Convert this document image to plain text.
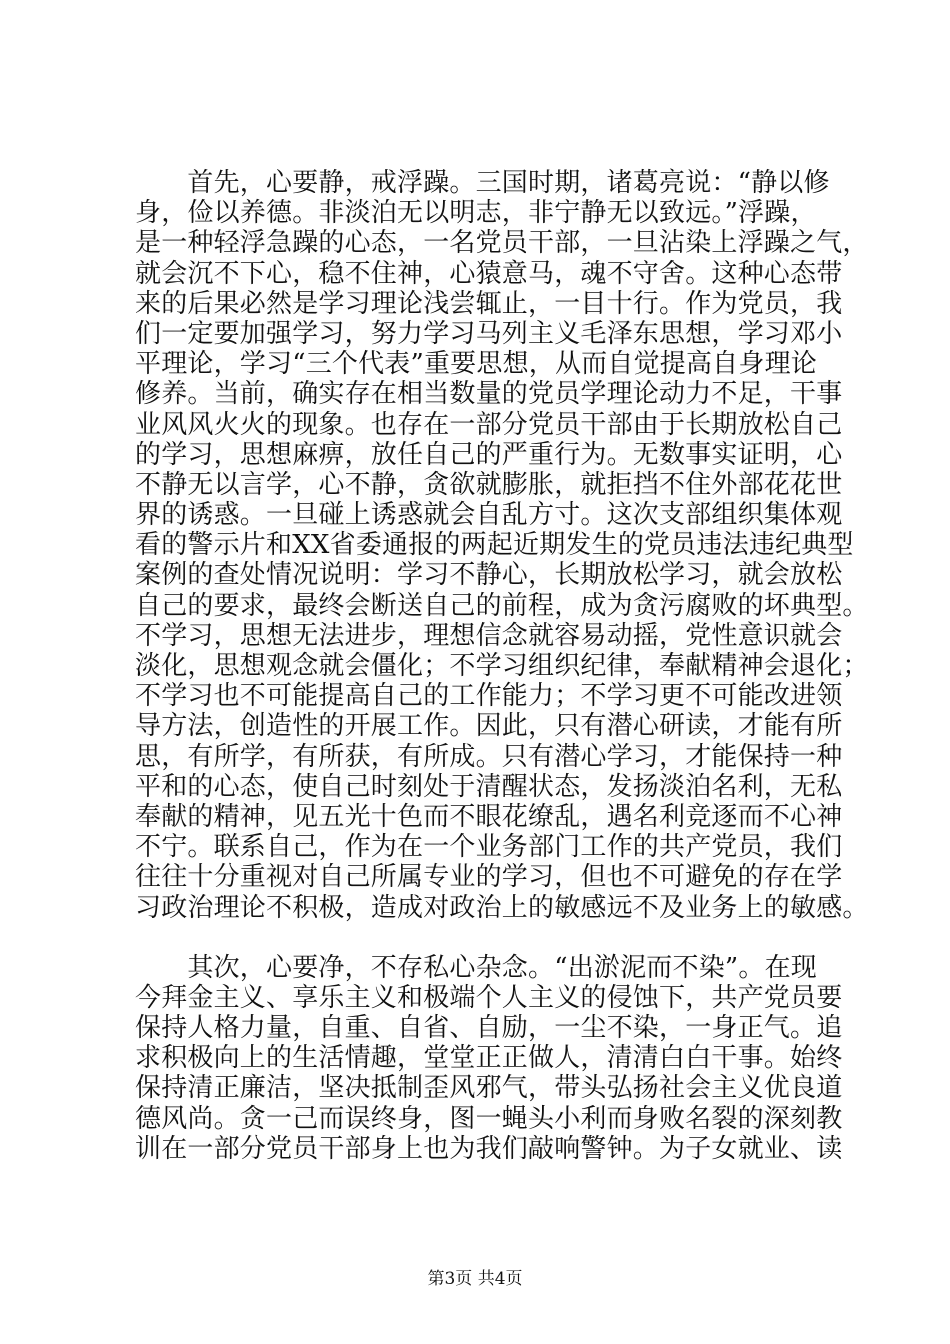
　　首先，心要静，戒浮躁。三国时期，诸葛亮说：“静以修
身，俭以养德。非淡泊无以明志，非宁静无以致远。”浮躁，
是一种轻浮急躁的心态，一名党员干部，一旦沾染上浮躁之气，
就会沉不下心，稳不住神，心猿意马，魂不守舍。这种心态带
来的后果必然是学习理论浅尝辄止，一目十行。作为党员，我
们一定要加强学习，努力学习马列主义毛泽东思想，学习邓小
平理论，学习“三个代表”重要思想，从而自觉提高自身理论
修养。当前，确实存在相当数量的党员学理论动力不足，干事
业风风火火的现象。也存在一部分党员干部由于长期放松自己
的学习，思想麻痹，放任自己的严重行为。无数事实证明，心
不静无以言学，心不静，贪欲就膨胀，就拒挡不住外部花花世
界的诱惑。一旦碰上诱惑就会自乱方寸。这次支部组织集体观
看的警示片和XX省委通报的两起近期发生的党员违法违纪典型
案例的查处情况说明：学习不静心，长期放松学习，就会放松
自己的要求，最终会断送自己的前程，成为贪污腐败的坏典型。
不学习，思想无法进步，理想信念就容易动摇，党性意识就会
淡化，思想观念就会僵化；不学习组织纪律，奉献精神会退化；
不学习也不可能提高自己的工作能力；不学习更不可能改进领
导方法，创造性的开展工作。因此，只有潜心研读，才能有所
思，有所学，有所获，有所成。只有潜心学习，才能保持一种
平和的心态，使自己时刻处于清醒状态，发扬淡泊名利，无私
奉献的精神，见五光十色而不眼花缭乱，遇名利竞逐而不心神
不宁。联系自己，作为在一个业务部门工作的共产党员，我们
往往十分重视对自己所属专业的学习，但也不可避免的存在学
习政治理论不积极，造成对政治上的敏感远不及业务上的敏感。
　　其次，心要净，不存私心杂念。“出淤泥而不染”。在现
今拜金主义、享乐主义和极端个人主义的侵蚀下，共产党员要
保持人格力量，自重、自省、自励，一尘不染，一身正气。追
求积极向上的生活情趣，堂堂正正做人，清清白白干事。始终
保持清正廉洁，坚决抵制歪风邪气，带头弘扬社会主义优良道
德风尚。贪一己而误终身，图一蝇头小利而身败名裂的深刻教
训在一部分党员干部身上也为我们敲响警钟。为子女就业、读
第3页 共4页
